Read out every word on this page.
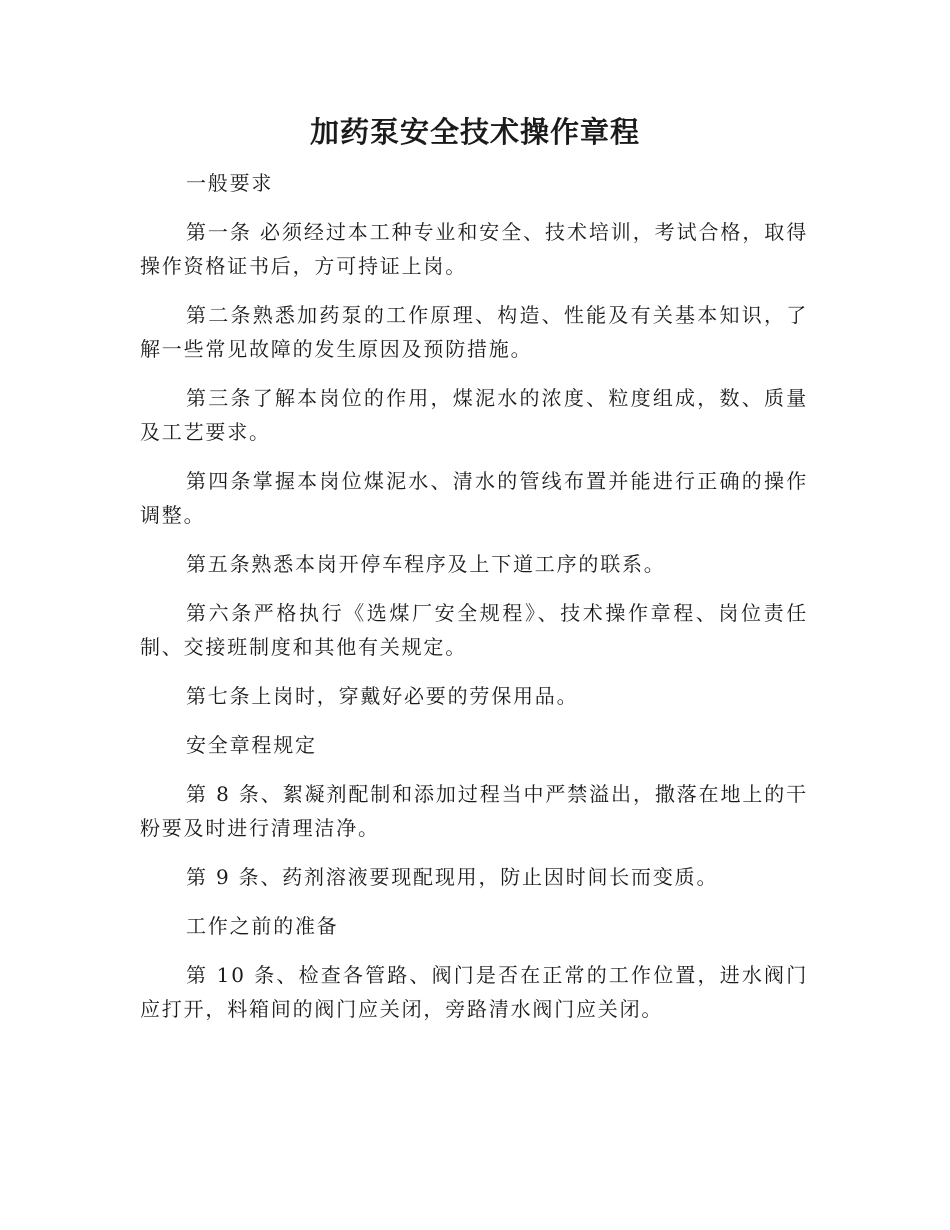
加药泵安全技术操作章程

一般要求

第一条 必须经过本工种专业和安全、技术培训，考试合格，取得操作资格证书后，方可持证上岗。

第二条熟悉加药泵的工作原理、构造、性能及有关基本知识，了解一些常见故障的发生原因及预防措施。

第三条了解本岗位的作用，煤泥水的浓度、粒度组成，数、质量及工艺要求。

第四条掌握本岗位煤泥水、清水的管线布置并能进行正确的操作调整。

第五条熟悉本岗开停车程序及上下道工序的联系。

第六条严格执行《选煤厂安全规程》、技术操作章程、岗位责任制、交接班制度和其他有关规定。

第七条上岗时，穿戴好必要的劳保用品。

安全章程规定

第 8 条、絮凝剂配制和添加过程当中严禁溢出，撒落在地上的干粉要及时进行清理洁净。

第 9 条、药剂溶液要现配现用，防止因时间长而变质。

工作之前的准备

第 10 条、检查各管路、阀门是否在正常的工作位置，进水阀门应打开，料箱间的阀门应关闭，旁路清水阀门应关闭。
